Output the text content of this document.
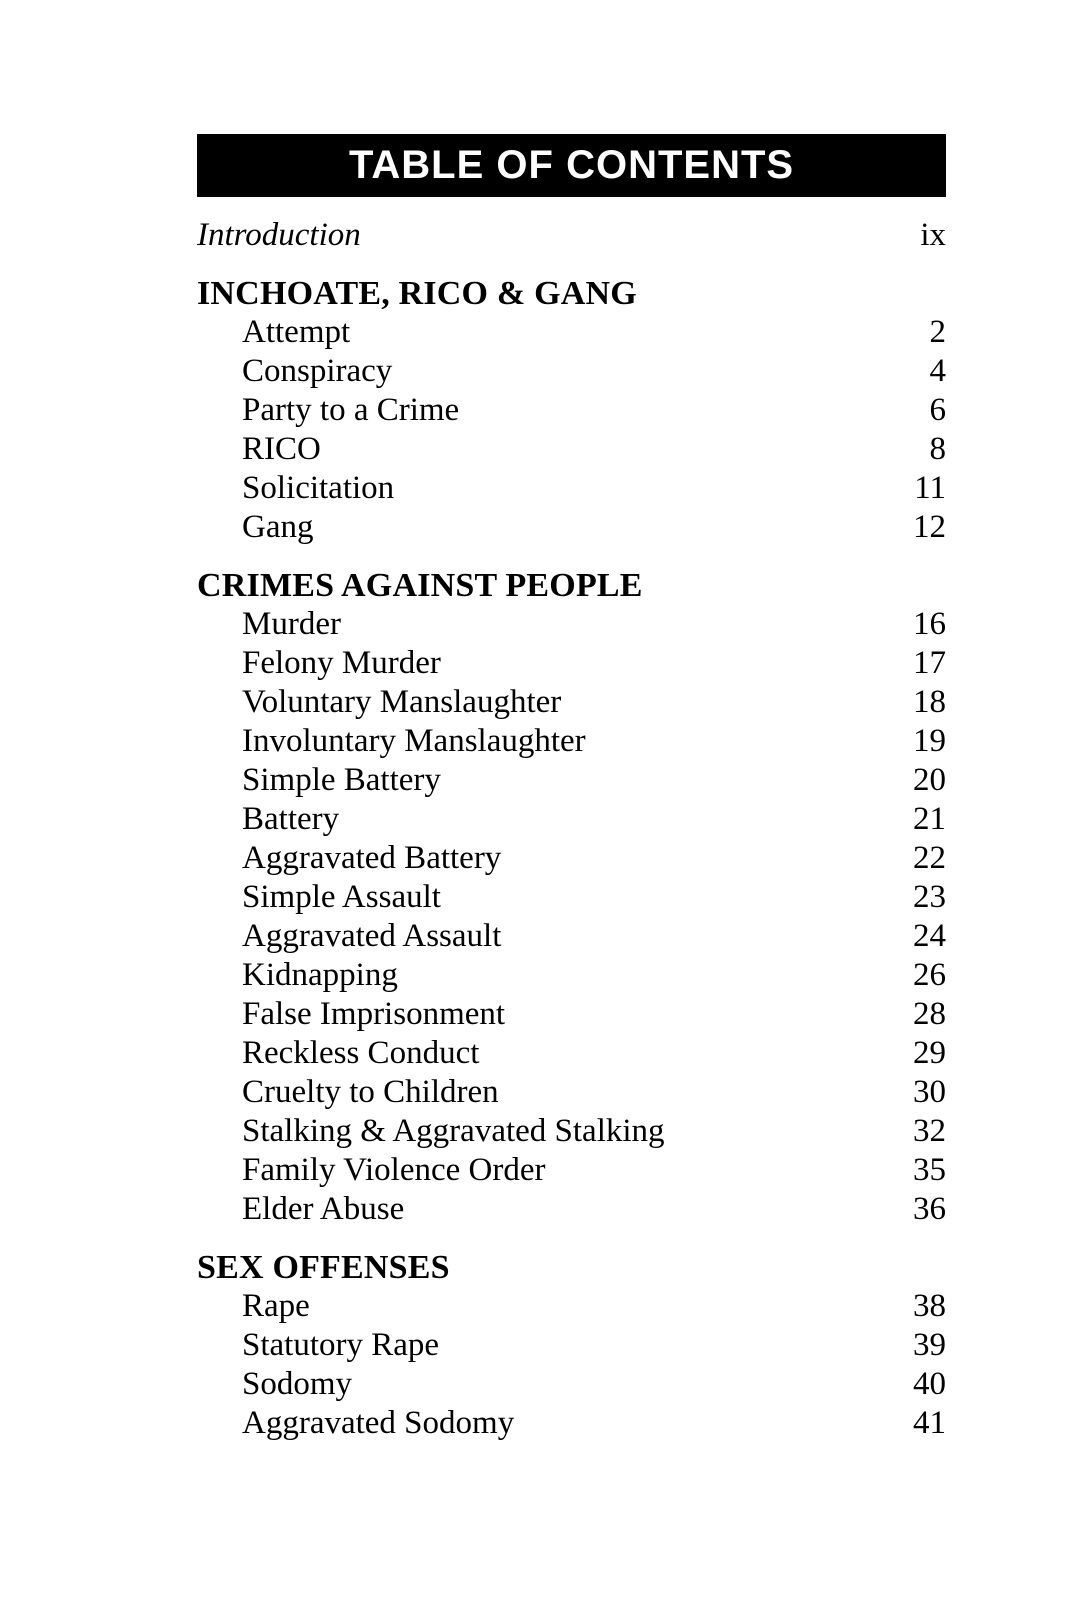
TABLE OF CONTENTS
Introduction	ix
INCHOATE, RICO & GANG
Attempt	2
Conspiracy	4
Party to a Crime	6
RICO	8
Solicitation	11
Gang	12
CRIMES AGAINST PEOPLE
Murder	16
Felony Murder	17
Voluntary Manslaughter	18
Involuntary Manslaughter	19
Simple Battery	20
Battery	21
Aggravated Battery	22
Simple Assault	23
Aggravated Assault	24
Kidnapping	26
False Imprisonment	28
Reckless Conduct	29
Cruelty to Children	30
Stalking & Aggravated Stalking	32
Family Violence Order	35
Elder Abuse	36
SEX OFFENSES
Rape	38
Statutory Rape	39
Sodomy	40
Aggravated Sodomy	41
